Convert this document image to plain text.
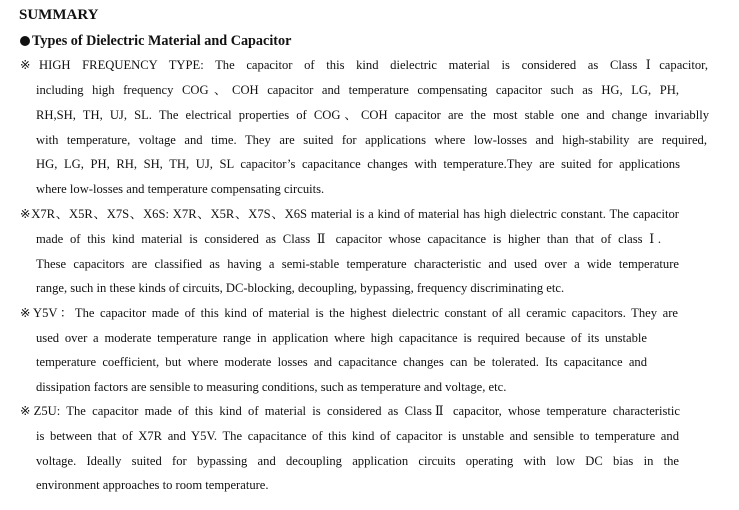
SUMMARY
Types of Dielectric Material and Capacitor
※HIGH FREQUENCY TYPE: The capacitor of this kind dielectric material is considered as ClassⅠcapacitor,
including high frequency COG、COH capacitor and temperature compensating capacitor such as HG, LG, PH,
RH,SH, TH, UJ, SL. The electrical properties of COG、COH capacitor are the most stable one and change invariablly
with temperature, voltage and time. They are suited for applications where low-losses and high-stability are required,
HG, LG, PH, RH, SH, TH, UJ, SL capacitor’s capacitance changes with temperature.They are suited for applications
where low-losses and temperature compensating circuits.
※X7R、X5R、X7S、X6S: X7R、X5R、X7S、X6S material is a kind of material has high dielectric constant. The capacitor
made of this kind material is considered as Class Ⅱ capacitor whose capacitance is higher than that of class Ⅰ.
These capacitors are classified as having a semi-stable temperature characteristic and used over a wide temperature
range, such in these kinds of circuits, DC-blocking, decoupling, bypassing, frequency discriminating etc.
※Y5V：The capacitor made of this kind of material is the highest dielectric constant of all ceramic capacitors. They are
used over a moderate temperature range in application where high capacitance is required because of its unstable
temperature coefficient, but where moderate losses and capacitance changes can be tolerated. Its capacitance and
dissipation factors are sensible to measuring conditions, such as temperature and voltage, etc.
※Z5U: The capacitor made of this kind of material is considered as ClassⅡ capacitor, whose temperature characteristic
is between that of X7R and Y5V. The capacitance of this kind of capacitor is unstable and sensible to temperature and
voltage. Ideally suited for bypassing and decoupling application circuits operating with low DC bias in the
environment approaches to room temperature.
